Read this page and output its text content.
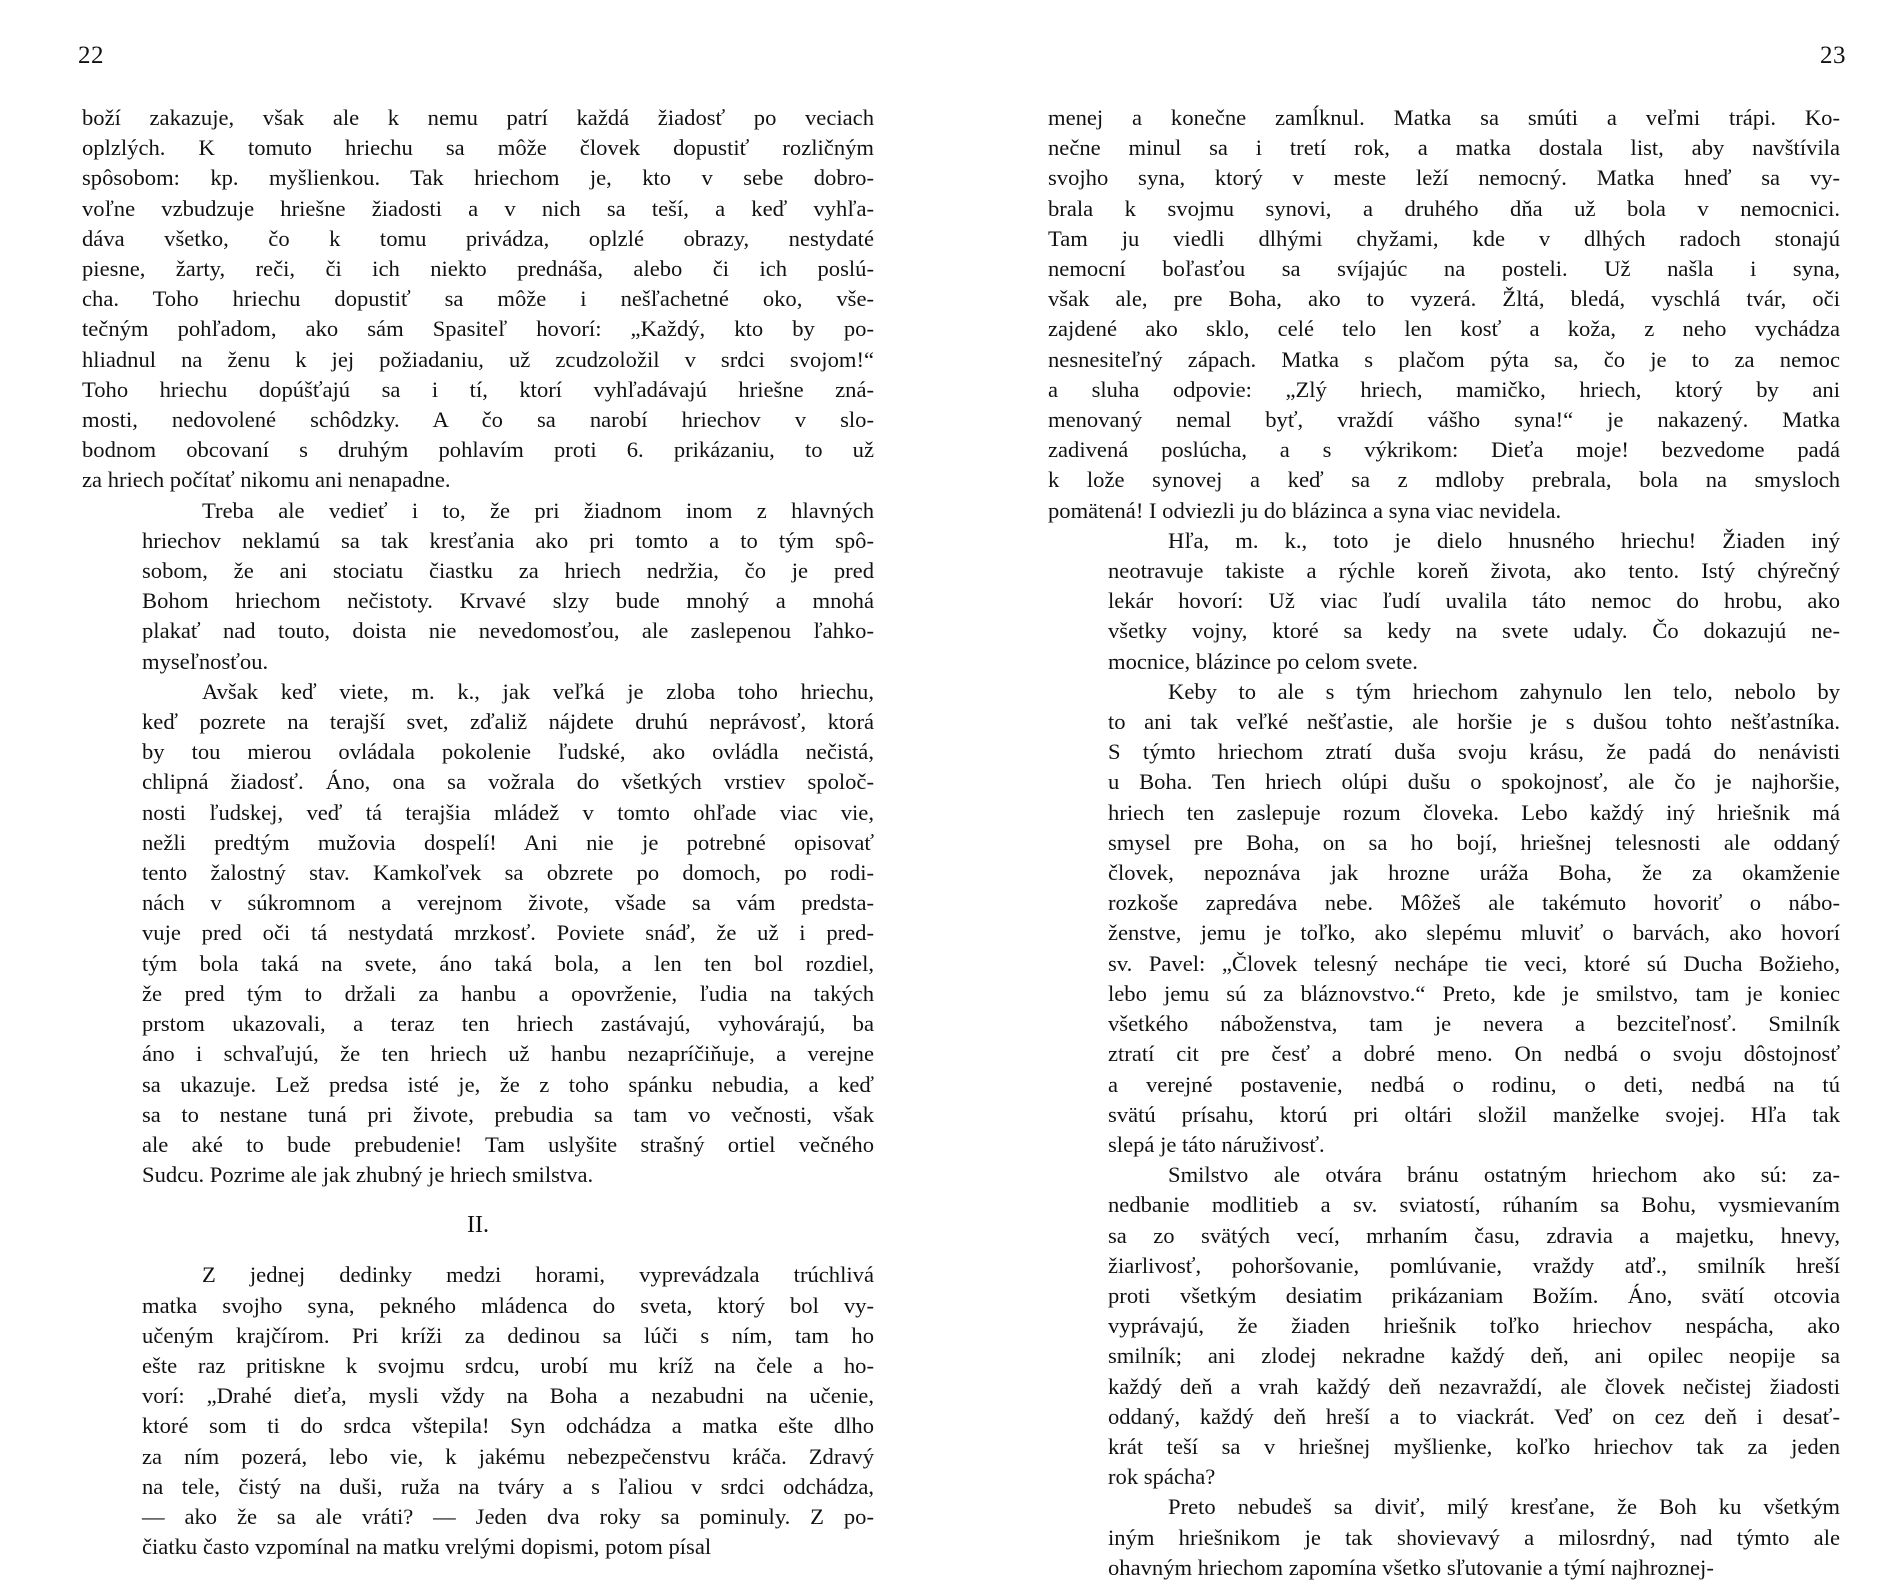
22
boží zakazuje, však ale k nemu patrí každá žiadosť po veciach
oplzlých. K tomuto hriechu sa môže človek dopustiť rozličným
spôsobom: kp. myšlienkou. Tak hriechom je, kto v sebe dobro-
voľne vzbudzuje hriešne žiadosti a v nich sa teší, a keď vyhľa-
dáva všetko, čo k tomu privádza, oplzlé obrazy, nestydaté
piesne, žarty, reči, či ich niekto prednáša, alebo či ich poslú-
cha. Toho hriechu dopustiť sa môže i nešľachetné oko, vše-
tečným pohľadom, ako sám Spasiteľ hovorí: „Každý, kto by po-
hliadnul na ženu k jej požiadaniu, už zcudzoložil v srdci svojom!“
Toho hriechu dopúšťajú sa i tí, ktorí vyhľadávajú hriešne zná-
mosti, nedovolené schôdzky. A čo sa narobí hriechov v slo-
bodnom obcovaní s druhým pohlavím proti 6. prikázaniu, to už
za hriech počítať nikomu ani nenapadne.
Treba ale vedieť i to, že pri žiadnom inom z hlavných
hriechov neklamú sa tak kresťania ako pri tomto a to tým spô-
sobom, že ani stociatu čiastku za hriech nedržia, čo je pred
Bohom hriechom nečistoty. Krvavé slzy bude mnohý a mnohá
plakať nad touto, doista nie nevedomosťou, ale zaslepenou ľahko-
myseľnosťou.
Avšak keď viete, m. k., jak veľká je zloba toho hriechu,
keď pozrete na terajší svet, zďaliž nájdete druhú neprávosť, ktorá
by tou mierou ovládala pokolenie ľudské, ako ovládla nečistá,
chlipná žiadosť. Áno, ona sa vožrala do všetkých vrstiev spoloč-
nosti ľudskej, veď tá terajšia mládež v tomto ohľade viac vie,
nežli predtým mužovia dospelí! Ani nie je potrebné opisovať
tento žalostný stav. Kamkoľvek sa obzrete po domoch, po rodi-
nách v súkromnom a verejnom živote, všade sa vám predsta-
vuje pred oči tá nestydatá mrzkosť. Poviete snáď, že už i pred-
tým bola taká na svete, áno taká bola, a len ten bol rozdiel,
že pred tým to držali za hanbu a opovrženie, ľudia na takých
prstom ukazovali, a teraz ten hriech zastávajú, vyhovárajú, ba
áno i schvaľujú, že ten hriech už hanbu nezapríčiňuje, a verejne
sa ukazuje. Lež predsa isté je, že z toho spánku nebudia, a keď
sa to nestane tuná pri živote, prebudia sa tam vo večnosti, však
ale aké to bude prebudenie! Tam uslyšite strašný ortiel večného
Sudcu. Pozrime ale jak zhubný je hriech smilstva.
II.
Z jednej dedinky medzi horami, vyprevádzala trúchlivá
matka svojho syna, pekného mládenca do sveta, ktorý bol vy-
učeným krajčírom. Pri kríži za dedinou sa lúči s ním, tam ho
ešte raz pritiskne k svojmu srdcu, urobí mu kríž na čele a ho-
vorí: „Drahé dieťa, mysli vždy na Boha a nezabudni na učenie,
ktoré som ti do srdca vštepila! Syn odchádza a matka ešte dlho
za ním pozerá, lebo vie, k jakému nebezpečenstvu kráča. Zdravý
na tele, čistý na duši, ruža na tváry a s ľaliou v srdci odchádza,
— ako že sa ale vráti? — Jeden dva roky sa pominuly. Z po-
čiatku často vzpomínal na matku vrelými dopismi, potom písal
23
menej a konečne zamĺknul. Matka sa smúti a veľmi trápi. Ko-
nečne minul sa i tretí rok, a matka dostala list, aby navštívila
svojho syna, ktorý v meste leží nemocný. Matka hneď sa vy-
brala k svojmu synovi, a druhého dňa už bola v nemocnici.
Tam ju viedli dlhými chyžami, kde v dlhých radoch stonajú
nemocní boľasťou sa svíjajúc na posteli. Už našla i syna,
však ale, pre Boha, ako to vyzerá. Žltá, bledá, vyschlá tvár, oči
zajdené ako sklo, celé telo len kosť a koža, z neho vychádza
nesnesiteľný zápach. Matka s plačom pýta sa, čo je to za nemoc
a sluha odpovie: „Zlý hriech, mamičko, hriech, ktorý by ani
menovaný nemal byť, vraždí vášho syna!“ je nakazený. Matka
zadivená poslúcha, a s výkrikom: Dieťa moje! bezvedome padá
k lože synovej a keď sa z mdloby prebrala, bola na smysloch
pomätená! I odviezli ju do blázinca a syna viac nevidela.
Hľa, m. k., toto je dielo hnusného hriechu! Žiaden iný
neotravuje takiste a rýchle koreň života, ako tento. Istý chýrečný
lekár hovorí: Už viac ľudí uvalila táto nemoc do hrobu, ako
všetky vojny, ktoré sa kedy na svete udaly. Čo dokazujú ne-
mocnice, blázince po celom svete.
Keby to ale s tým hriechom zahynulo len telo, nebolo by
to ani tak veľké nešťastie, ale horšie je s dušou tohto nešťastníka.
S týmto hriechom ztratí duša svoju krásu, že padá do nenávisti
u Boha. Ten hriech olúpi dušu o spokojnosť, ale čo je najhoršie,
hriech ten zaslepuje rozum človeka. Lebo každý iný hriešnik má
smysel pre Boha, on sa ho bojí, hriešnej telesnosti ale oddaný
človek, nepoznáva jak hrozne uráža Boha, že za okamženie
rozkoše zapredáva nebe. Môžeš ale takémuto hovoriť o nábo-
ženstve, jemu je toľko, ako slepému mluviť o barvách, ako hovorí
sv. Pavel: „Človek telesný nechápe tie veci, ktoré sú Ducha Božieho,
lebo jemu sú za bláznovstvo.“ Preto, kde je smilstvo, tam je koniec
všetkého náboženstva, tam je nevera a bezciteľnosť. Smilník
ztratí cit pre česť a dobré meno. On nedbá o svoju dôstojnosť
a verejné postavenie, nedbá o rodinu, o deti, nedbá na tú
svätú prísahu, ktorú pri oltári složil manželke svojej. Hľa tak
slepá je táto náruživosť.
Smilstvo ale otvára bránu ostatným hriechom ako sú: za-
nedbanie modlitieb a sv. sviatostí, rúhaním sa Bohu, vysmievaním
sa zo svätých vecí, mrhaním času, zdravia a majetku, hnevy,
žiarlivosť, pohoršovanie, pomlúvanie, vraždy atď., smilník hreší
proti všetkým desiatim prikázaniam Božím. Áno, svätí otcovia
vyprávajú, že žiaden hriešnik toľko hriechov nespácha, ako
smilník; ani zlodej nekradne každý deň, ani opilec neopije sa
každý deň a vrah každý deň nezavraždí, ale človek nečistej žiadosti
oddaný, každý deň hreší a to viackrát. Veď on cez deň i desať-
krát teší sa v hriešnej myšlienke, koľko hriechov tak za jeden
rok spácha?
Preto nebudeš sa diviť, milý kresťane, že Boh ku všetkým
iným hriešnikom je tak shovievavý a milosrdný, nad týmto ale
ohavným hriechom zapomína všetko sľutovanie a týmí najhroznej-
